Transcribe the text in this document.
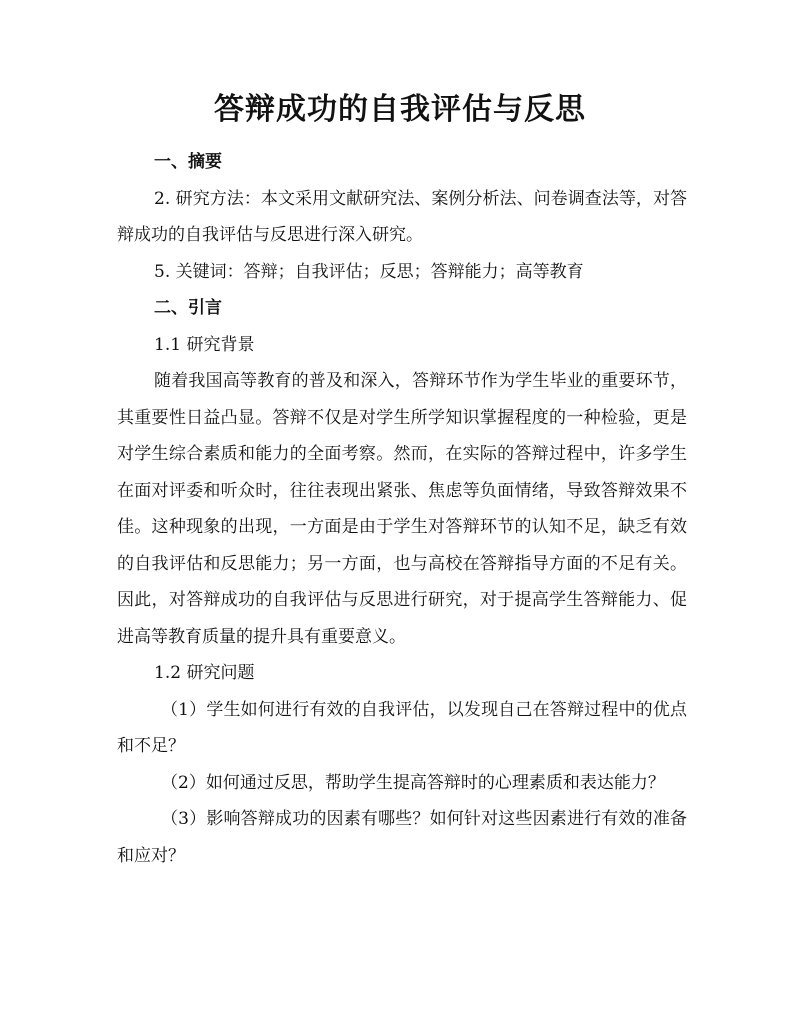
答辩成功的自我评估与反思

一、摘要

2. 研究方法：本文采用文献研究法、案例分析法、问卷调查法等，对答辩成功的自我评估与反思进行深入研究。

5. 关键词：答辩；自我评估；反思；答辩能力；高等教育

二、引言

1.1 研究背景

随着我国高等教育的普及和深入，答辩环节作为学生毕业的重要环节，其重要性日益凸显。答辩不仅是对学生所学知识掌握程度的一种检验，更是对学生综合素质和能力的全面考察。然而，在实际的答辩过程中，许多学生在面对评委和听众时，往往表现出紧张、焦虑等负面情绪，导致答辩效果不佳。这种现象的出现，一方面是由于学生对答辩环节的认知不足，缺乏有效的自我评估和反思能力；另一方面，也与高校在答辩指导方面的不足有关。因此，对答辩成功的自我评估与反思进行研究，对于提高学生答辩能力、促进高等教育质量的提升具有重要意义。

1.2 研究问题

（1）学生如何进行有效的自我评估，以发现自己在答辩过程中的优点和不足？

（2）如何通过反思，帮助学生提高答辩时的心理素质和表达能力？

（3）影响答辩成功的因素有哪些？如何针对这些因素进行有效的准备和应对？
